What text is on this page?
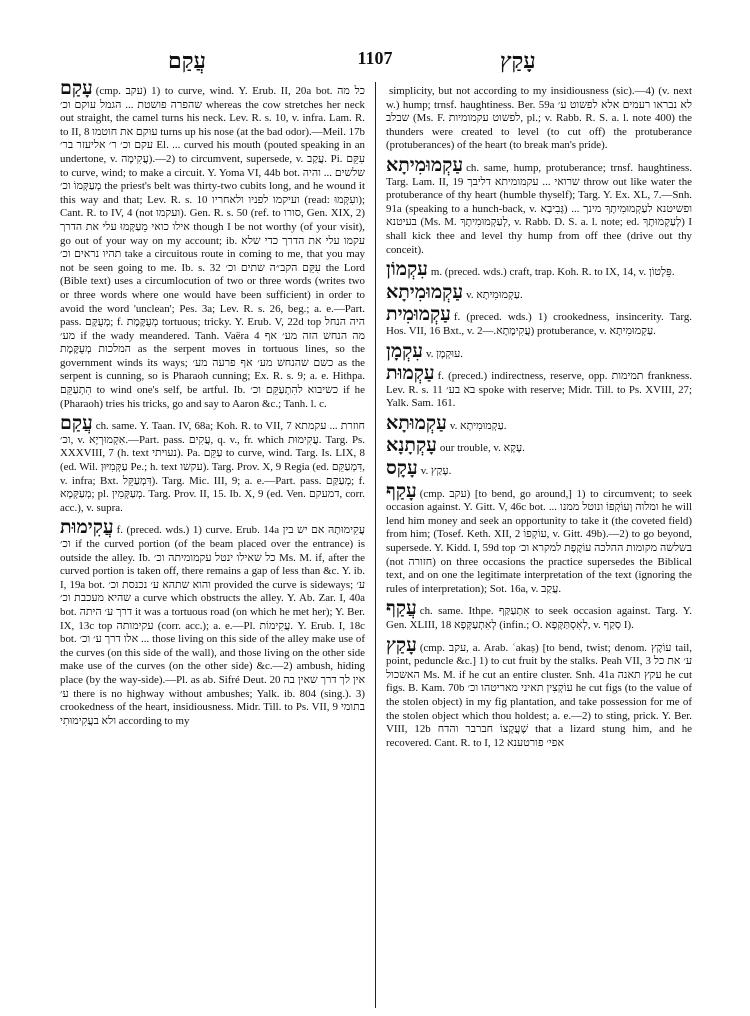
עֲקַם	1107	עָקַץ

עָקַם (cmp. עקב) 1) to curve, wind. Y. Erub. II, 20a bot. כל מה שהפרה פושטת ... הגמל עוקם וכ׳ whereas the cow stretches her neck out straight, the camel turns his neck. Lev. R. s. 10, v. infra. Lam. R. to II, 8 עוקם את חוטמו turns up his nose (at the bad odor).—Meil. 17b עקם וכ׳ ר׳ אליעזר בר׳ El. ... curved his mouth (pouted speaking in an undertone, v. עֲקִימָה).—2) to circumvent, supersede, v. עֲקַב. Pi. עִקֵּם to curve, wind; to make a circuit. Y. Yoma VI, 44b bot. שלשים ... והיה מְעַקְּמוֹ וכ׳ the priest's belt was thirty-two cubits long, and he wound it this way and that; Lev. R. s. 10 ועיקמו לפניו ולאחריו (read: ועִקְּמוּ); Cant. R. to IV, 4 (not ועקמו). Gen. R. s. 50 (ref. to סורו, Gen. XIX, 2) אילו כואי מֵעַקְּמוּ עלי את הדרך though I be not worthy (of your visit), go out of your way on my account; ib. עקמו עלי את הדרך כדי שלא תהיו נראים וכ׳ take a circuitous route in coming to me, that you may not be seen going to me. Ib. s. 32 עִקֵּם הקב״ה שתים וכ׳ the Lord (Bible text) uses a circumlocution of two or three words (writes two or three words where one would have been sufficient) in order to avoid the word 'unclean'; Pes. 3a; Lev. R. s. 26, beg.; a. e.—Part. pass. מְעֻקָּם; f. מְעֻקֶּמֶת tortuous; tricky. Y. Erub. V, 22d top היה הנחל מע׳ if the wady meandered. Tanh. Vaëra 4 מה הנחש הזה מע׳ אף המלכות מְעֻקֶּמֶת as the serpent moves in tortuous lines, so the government winds its ways; כשם שהנחש מע׳ אף פרעה מע׳ as the serpent is cunning, so is Pharaoh cunning; Ex. R. s. 9; a. e. Hithpa. הִתְעַקֵּם to wind one's self, be artful. Ib. כשיבוא להִתְעַקֵּם וכ׳ if he (Pharaoh) tries his tricks, go and say to Aaron &c.; Tanh. l. c.

עֲקַם ch. same. Y. Taan. IV, 68a; Koh. R. to VII, 7 חוזרת ... עקמתא וכ׳, v. אִקְמוּרְיָא.—Part. pass. עֲקִים, q. v., fr. which עֲקִימוּת. Targ. Ps. XXXVIII, 7 (h. text נעויתי). Pa. עַקֵּם to curve, wind. Targ. Is. LIX, 8 (ed. Wil. עַקְּמִיּוּן Pe.; h. text עקשו). Targ. Prov. X, 9 Regia (ed. דִּמְעַקֵּם, v. infra; Bxt. דִּמְעַקֵּל). Targ. Mic. III, 9; a. e.—Part. pass. מְעַקַּם; f. מְעַקְּמָא; pl. מְעַקְּמִין. Targ. Prov. II, 15. Ib. X, 9 (ed. Ven. דמעקם, corr. acc.), v. supra.

עֲקִימוּת f. (preced. wds.) 1) curve. Erub. 14a עֲקִימוּתָהּ אם יש בין וכ׳ if the curved portion (of the beam placed over the entrance) is outside the alley. Ib. כל שאילו ינטל עקמומיתה וכ׳ Ms. M. if, after the curved portion is taken off, there remains a gap of less than &c. Y. ib. I, 19a bot. והוא שתהא ע׳ נכנסת וכ׳ provided the curve is sideways; ע׳ שהיא מעכבת וכ׳ a curve which obstructs the alley. Y. Ab. Zar. I, 40a bot. דרך ע׳ היתה it was a tortuous road (on which he met her); Y. Ber. IX, 13c top עקימותה (corr. acc.); a. e.—Pl. עֲקִימוֹת. Y. Erub. I, 18c bot. אלו דרך ע׳ וכ׳ ... those living on this side of the alley make use of the curves (on this side of the wall), and those living on the other side make use of the curves (on the other side) &c.—2) ambush, hiding place (by the way-side).—Pl. as ab. Sifré Deut. 20 אין לך דרך שאין בה ע׳ there is no highway without ambushes; Yalk. ib. 804 (sing.). 3) crookedness of the heart, insidiousness. Midr. Till. to Ps. VII, 9 בתומי ולא בעֲקִימוּתִי according to my

simplicity, but not according to my insidiousness (sic).—4) (v. next w.) hump; trnsf. haughtiness. Ber. 59a לא נבראו רעמים אלא לפשוט ע׳ שבלב (Ms. F. לפשוט עקמומיות, pl.; v. Rabb. R. S. a. l. note 400) the thunders were created to level (to cut off) the protuberance (protuberances) of the heart (to break man's pride).

עַקְמוּמִיתָא ch. same, hump, protuberance; trnsf. haughtiness. Targ. Lam. II, 19 שרואי ... עקמומיתא דליבך throw out like water the protuberance of thy heart (humble thyself); Targ. Y. Ex. XL, 7.—Snh. 91a (speaking to a hunch-back, v. גְּבִיבָא) ... ופשיטנא לעַקְמוּמִיתָךְ מינך בעיטנא (Ms. M. לְעַקְמוּמִיתָךְ, v. Rabb. D. S. a. l. note; ed. לְעַקְמוּתָךְ) I shall kick thee and level thy hump from off thee (drive out thy conceit).

עִקְמוֹן m. (preced. wds.) craft, trap. Koh. R. to IX, 14, v. פֵּלְטוֹן.

עַקְמוּמִיתָא v. עַקְמוּמִיתָא.

עַקְמוּמִית f. (preced. wds.) 1) crookedness, insincerity. Targ. Hos. VII, 16 Bxt., v. עֲקִימָתָא.—2) protuberance, v. עַקְמוּמִיתָא.

עִקְמָן v. עוּקְמָן.

עַקְמוּת f. (preced.) indirectness, reserve, opp. תמימות frankness. Lev. R. s. 11 בא בע׳ spoke with reserve; Midr. Till. to Ps. XVIII, 27; Yalk. Sam. 161.

עַקְמוּתָא v. עַקְמוּמִיתָא.

עָקְתָנָא our trouble, v. עָקָא.

עָקָס v. עָקַץ.

עָקַף (cmp. עקב) [to bend, go around,] 1) to circumvent; to seek occasion against. Y. Gitt. V, 46c bot. ... ומלוה וְעוֹקְפוֹ ונוטל ממנו he will lend him money and seek an opportunity to take it (the coveted field) from him; (Tosef. Keth. XII, 2 עוֹקְפוֹ, v. Gitt. 49b).—2) to go beyond, supersede. Y. Kidd. I, 59d top בשלשה מקומות ההלכה עוֹקֶפֶת למקרא וכ׳ (not חזורה) on three occasions the practice supersedes the Biblical text, and on one the legitimate interpretation of the text (ignoring the rules of interpretation); Sot. 16a, v. עֲקַב.

עֲקַף ch. same. Ithpe. אִתְעַקַּף to seek occasion against. Targ. Y. Gen. XLIII, 18 לְאִתְעַקְּפָא (infin.; O. לְאִסְתַּקָּפָא, v. סְקַף I).

עָקַץ (cmp. עקב, a. Arab. ʿakaṣ) [to bend, twist; denom. עוֹקֶץ tail, point, peduncle &c.] 1) to cut fruit by the stalks. Peah VII, 3 ע׳ את כל האשכול Ms. M. if he cut an entire cluster. Snh. 41a עקץ תאנה he cut figs. B. Kam. 70b עוֹקְצִין תאיני מאריטהו וכ׳ he cut figs (to the value of the stolen object) in my fig plantation, and take possession for me of the stolen object which thou holdest; a. e.—2) to sting, prick. Y. Ber. VIII, 12b שֶׁעֲקָצוֹ חברבר והדח that a lizard stung him, and he recovered. Cant. R. to I, 12 אפי׳ פורטענא
